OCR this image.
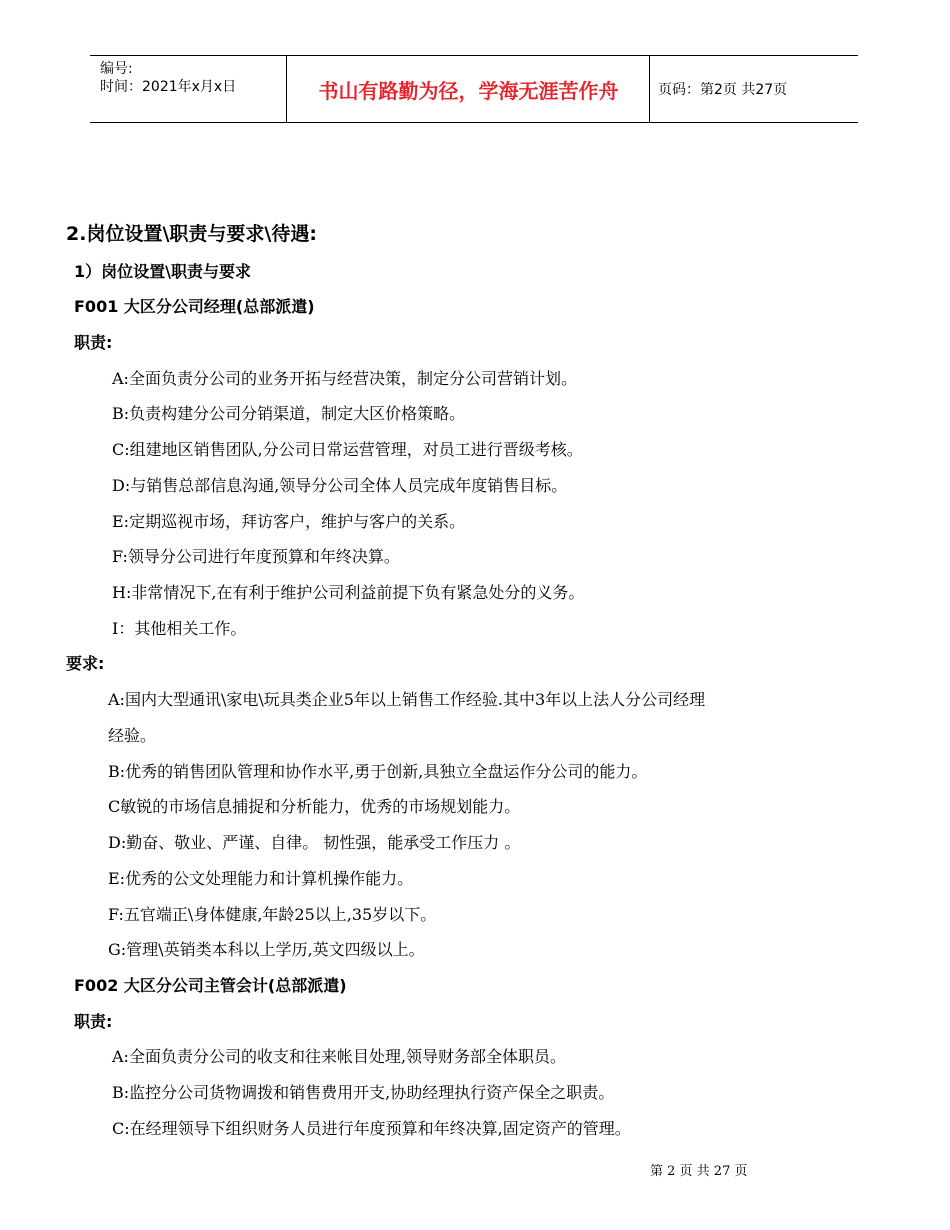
编号:
时间：2021年x月x日	书山有路勤为径，学海无涯苦作舟	页码：第2页 共27页
2.岗位设置\职责与要求\待遇:
1）岗位设置\职责与要求
F001 大区分公司经理(总部派遣)
职责:
A:全面负责分公司的业务开拓与经营决策，制定分公司营销计划。
B:负责构建分公司分销渠道，制定大区价格策略。
C:组建地区销售团队,分公司日常运营管理，对员工进行晋级考核。
D:与销售总部信息沟通,领导分公司全体人员完成年度销售目标。
E:定期巡视市场，拜访客户，维护与客户的关系。
F:领导分公司进行年度预算和年终决算。
H:非常情况下,在有利于维护公司利益前提下负有紧急处分的义务。
I：其他相关工作。
要求:
A:国内大型通讯\家电\玩具类企业5年以上销售工作经验.其中3年以上法人分公司经理
经验。
B:优秀的销售团队管理和协作水平,勇于创新,具独立全盘运作分公司的能力。
C敏锐的市场信息捕捉和分析能力，优秀的市场规划能力。
D:勤奋、敬业、严谨、自律。 韧性强，能承受工作压力 。
E:优秀的公文处理能力和计算机操作能力。
F:五官端正\身体健康,年龄25以上,35岁以下。
G:管理\英销类本科以上学历,英文四级以上。
F002 大区分公司主管会计(总部派遣)
职责:
A:全面负责分公司的收支和往来帐目处理,领导财务部全体职员。
B:监控分公司货物调拨和销售费用开支,协助经理执行资产保全之职责。
C:在经理领导下组织财务人员进行年度预算和年终决算,固定资产的管理。
第 2 页 共 27 页
